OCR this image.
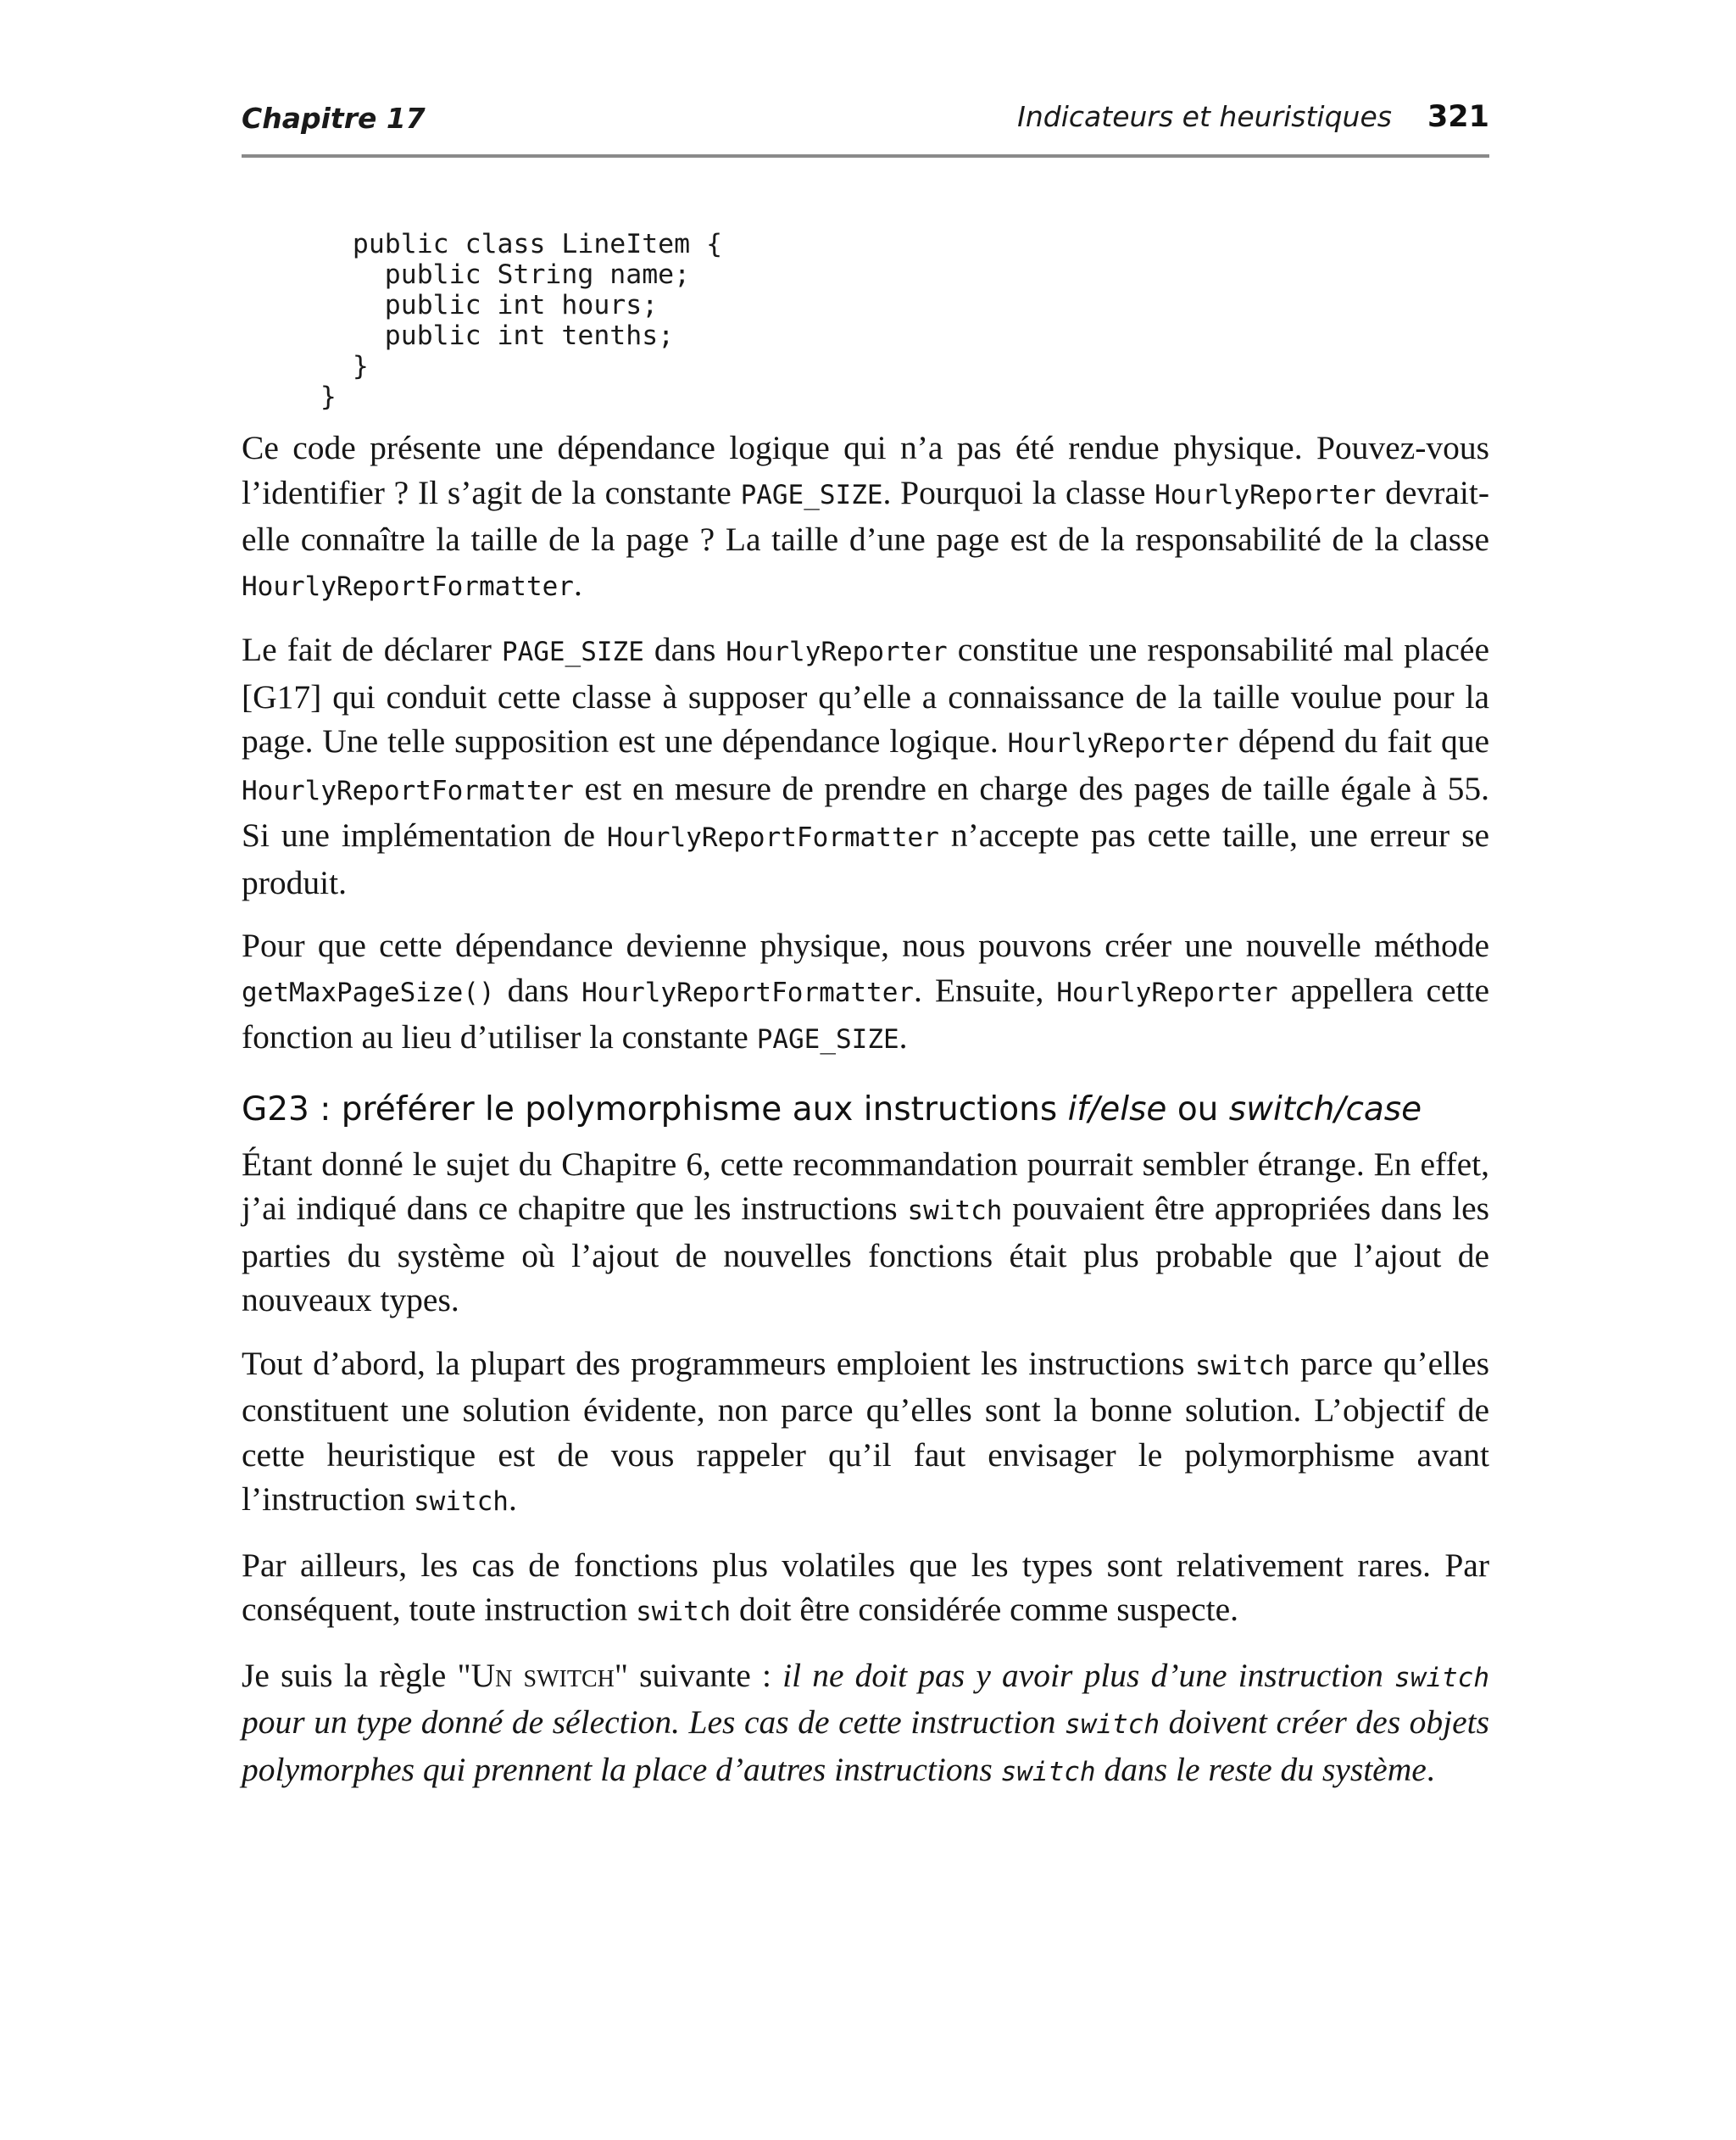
Chapitre 17	Indicateurs et heuristiques 321
public class LineItem {
public String name;
public int hours;
public int tenths;
}
}

Ce code présente une dépendance logique qui n’a pas été rendue physique. Pouvez-vous l’identifier ? Il s’agit de la constante PAGE_SIZE. Pourquoi la classe HourlyReporter devrait-elle connaître la taille de la page ? La taille d’une page est de la responsabilité de la classe HourlyReportFormatter.

Le fait de déclarer PAGE_SIZE dans HourlyReporter constitue une responsabilité mal placée [G17] qui conduit cette classe à supposer qu’elle a connaissance de la taille voulue pour la page. Une telle supposition est une dépendance logique. HourlyReporter dépend du fait que HourlyReportFormatter est en mesure de prendre en charge des pages de taille égale à 55. Si une implémentation de HourlyReportFormatter n’accepte pas cette taille, une erreur se produit.

Pour que cette dépendance devienne physique, nous pouvons créer une nouvelle méthode getMaxPageSize() dans HourlyReportFormatter. Ensuite, HourlyReporter appellera cette fonction au lieu d’utiliser la constante PAGE_SIZE.

G23 : préférer le polymorphisme aux instructions if/else ou switch/case

Étant donné le sujet du Chapitre 6, cette recommandation pourrait sembler étrange. En effet, j’ai indiqué dans ce chapitre que les instructions switch pouvaient être appropriées dans les parties du système où l’ajout de nouvelles fonctions était plus probable que l’ajout de nouveaux types.

Tout d’abord, la plupart des programmeurs emploient les instructions switch parce qu’elles constituent une solution évidente, non parce qu’elles sont la bonne solution. L’objectif de cette heuristique est de vous rappeler qu’il faut envisager le polymorphisme avant l’instruction switch.

Par ailleurs, les cas de fonctions plus volatiles que les types sont relativement rares. Par conséquent, toute instruction switch doit être considérée comme suspecte.

Je suis la règle "Un switch" suivante : il ne doit pas y avoir plus d’une instruction switch pour un type donné de sélection. Les cas de cette instruction switch doivent créer des objets polymorphes qui prennent la place d’autres instructions switch dans le reste du système.
